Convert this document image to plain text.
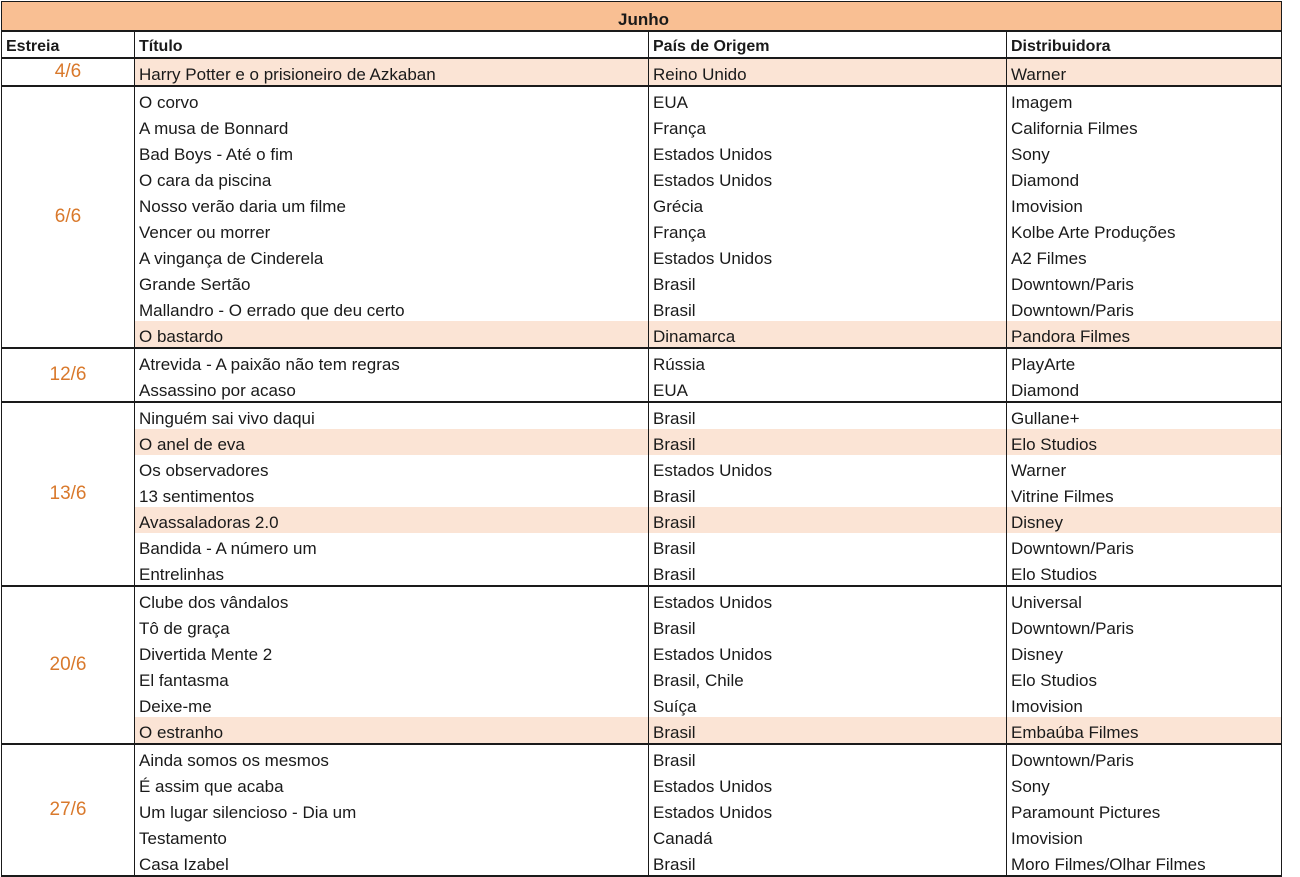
Junho			
Estreia	Título	País de Origem	Distribuidora
4/6	Harry Potter e o prisioneiro de Azkaban	Reino Unido	Warner
6/6	O corvo	EUA	Imagem
	A musa de Bonnard	França	California Filmes
	Bad Boys - Até o fim	Estados Unidos	Sony
	O cara da piscina	Estados Unidos	Diamond
	Nosso verão daria um filme	Grécia	Imovision
	Vencer ou morrer	França	Kolbe Arte Produções
	A vingança de Cinderela	Estados Unidos	A2 Filmes
	Grande Sertão	Brasil	Downtown/Paris
	Mallandro - O errado que deu certo	Brasil	Downtown/Paris
	O bastardo	Dinamarca	Pandora Filmes
12/6	Atrevida - A paixão não tem regras	Rússia	PlayArte
	Assassino por acaso	EUA	Diamond
13/6	Ninguém sai vivo daqui	Brasil	Gullane+
	O anel de eva	Brasil	Elo Studios
	Os observadores	Estados Unidos	Warner
	13 sentimentos	Brasil	Vitrine Filmes
	Avassaladoras 2.0	Brasil	Disney
	Bandida - A número um	Brasil	Downtown/Paris
	Entrelinhas	Brasil	Elo Studios
20/6	Clube dos vândalos	Estados Unidos	Universal
	Tô de graça	Brasil	Downtown/Paris
	Divertida Mente 2	Estados Unidos	Disney
	El fantasma	Brasil, Chile	Elo Studios
	Deixe-me	Suíça	Imovision
	O estranho	Brasil	Embaúba Filmes
27/6	Ainda somos os mesmos	Brasil	Downtown/Paris
	É assim que acaba	Estados Unidos	Sony
	Um lugar silencioso - Dia um	Estados Unidos	Paramount Pictures
	Testamento	Canadá	Imovision
	Casa Izabel	Brasil	Moro Filmes/Olhar Filmes
